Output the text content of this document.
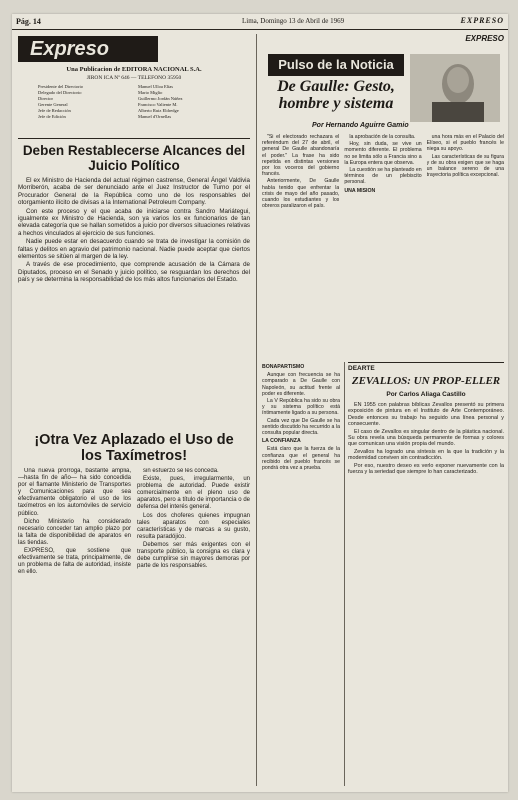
Pág. 14	Lima, Domingo 13 de Abril de 1969	EXPRESO
Expreso
Una Publicacion de EDITORA NACIONAL S.A.
JIRON ICA Nº 646 — TELEFONO 35950
Presidente del Directorio	Manuel Ulloa Elías
Delegado del Directorio	Mario Miglio
Director	Guillermo Jordán Núñez
Gerente General	Francisco Valiente M.
Jefe de Redacción	Alberto Ruiz Eldredge
Jefe de Edición	Manuel d'Ornellas
Deben Restablecerse Alcances del Juicio Político

El ex Ministro de Hacienda del actual régimen castrense, General Ángel Valdivia Morriberón, acaba de ser denunciado ante el Juez Instructor de Turno por el Procurador General de la República como uno de los responsables del otorgamiento ilícito de divisas a la International Petroleum Company.

Con este proceso y el que acaba de iniciarse contra Sandro Mariátegui, igualmente ex Ministro de Hacienda, son ya varios los ex funcionarios de tan elevada categoría que se hallan sometidos a juicio por diversos situaciones relativas a hechos vinculados al ejercicio de sus funciones.

Nadie puede estar en desacuerdo cuando se trata de investigar la comisión de faltas y delitos en agravio del patrimonio nacional. Nadie puede aceptar que ciertos elementos se sitúen al margen de la ley.

A través de ese procedimiento, que comprende acusación de la Cámara de Diputados, proceso en el Senado y juicio político, se resguardan los derechos del país y se determina la responsabilidad de los más altos funcionarios del Estado.

¡Otra Vez Aplazado el Uso de los Taxímetros!

Una nueva prórroga, bastante amplia, —hasta fin de año— ha sido concedida por el flamante Ministerio de Transportes y Comunicaciones para que sea efectivamente obligatorio el uso de los taxímetros en los automóviles de servicio público.

Dicho Ministerio ha considerado necesario conceder tan amplio plazo por la falta de disponibilidad de aparatos en las tiendas.

EXPRESO, que sostiene que efectivamente se trata, principalmente, de un problema de falta de autoridad, insiste en ello.

sin esfuerzo se les conceda.

Existe, pues, irregularmente, un problema de autoridad. Puede existir comercialmente en el pleno uso de aparatos, pero a título de importancia o de defensa del interés general.

Los dos choferes quienes impugnan tales aparatos con especiales características y de marcas a su gusto, resulta paradójico.

Debemos ser más exigentes con el transporte público, la consigna es clara y debe cumplirse sin mayores demoras por parte de los responsables.

EXPRESO
Pulso de la Noticia
De Gaulle: Gesto, hombre y sistema
Por Hernando Aguirre Gamio

"Si el electorado rechazara el referéndum del 27 de abril, el general De Gaulle abandonaría el poder." La frase ha sido repetida en distintas versiones por los voceros del gobierno francés.

Anteriormente, De Gaulle había tenido que enfrentar la crisis de mayo del año pasado, cuando los estudiantes y los obreros paralizaron el país.

la aprobación de la consulta.

Hoy, sin duda, se vive un momento diferente. El problema no se limita sólo a Francia sino a la Europa entera que observa.

La cuestión se ha planteado en términos de un plebiscito personal.

UNA MISION

una hora más en el Palacio del Elíseo, si el pueblo francés le niega su apoyo.

Las características de su figura y de su obra exigen que se haga un balance sereno de una trayectoria política excepcional.

BONAPARTISMO

Aunque con frecuencia se ha comparado a De Gaulle con Napoleón, su actitud frente al poder es diferente.

La V República ha sido su obra y su sistema político está íntimamente ligado a su persona.

Cada vez que De Gaulle se ha sentido discutido ha recurrido a la consulta popular directa.

LA CONFIANZA

Está claro que la fuerza de la confianza que el general ha recibido del pueblo francés se pondrá otra vez a prueba.

DEARTE
ZEVALLOS: UN PROP-ELLER
Por Carlos Aliaga Castillo

EN 1955 con palabras bíblicas Zevallos presentó su primera exposición de pintura en el Instituto de Arte Contemporáneo. Desde entonces su trabajo ha seguido una línea personal y consecuente.

El caso de Zevallos es singular dentro de la plástica nacional. Su obra revela una búsqueda permanente de formas y colores que comunican una visión propia del mundo.

Zevallos ha logrado una síntesis en la que la tradición y la modernidad conviven sin contradicción.

Por eso, nuestro deseo es verlo exponer nuevamente con la fuerza y la seriedad que siempre lo han caracterizado.
